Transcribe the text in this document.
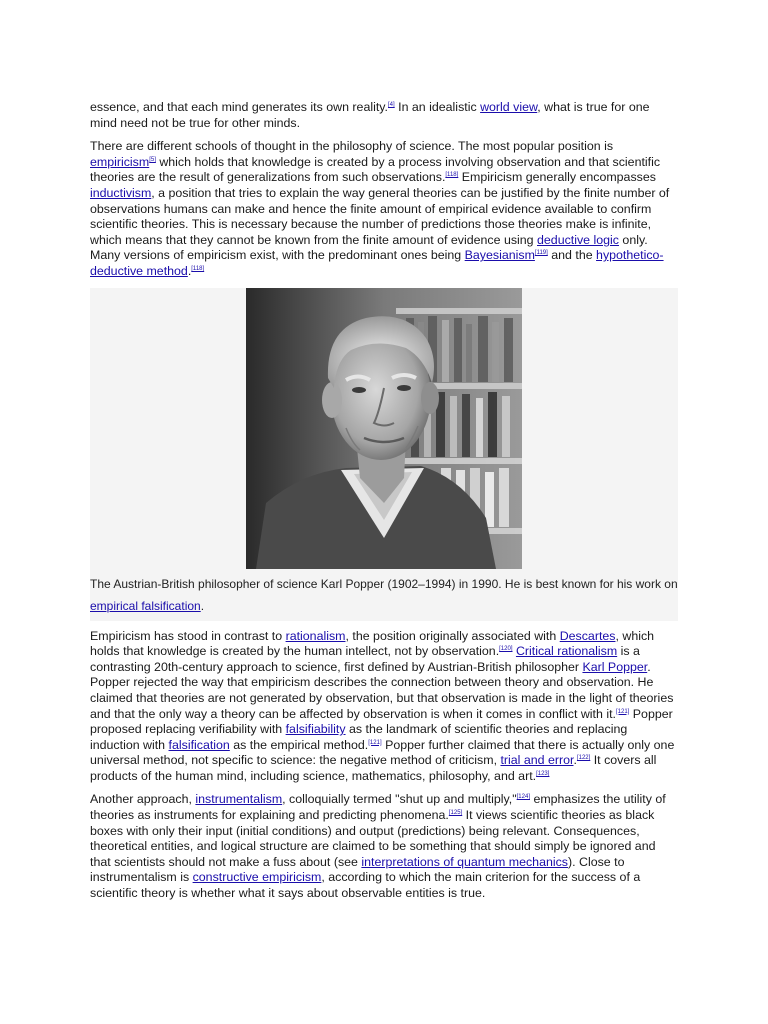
essence, and that each mind generates its own reality.[4] In an idealistic world view, what is true for one mind need not be true for other minds.

There are different schools of thought in the philosophy of science. The most popular position is empiricism[5] which holds that knowledge is created by a process involving observation and that scientific theories are the result of generalizations from such observations.[118] Empiricism generally encompasses inductivism, a position that tries to explain the way general theories can be justified by the finite number of observations humans can make and hence the finite amount of empirical evidence available to confirm scientific theories. This is necessary because the number of predictions those theories make is infinite, which means that they cannot be known from the finite amount of evidence using deductive logic only. Many versions of empiricism exist, with the predominant ones being Bayesianism[119] and the hypothetico-deductive method.[118]

The Austrian-British philosopher of science Karl Popper (1902–1994) in 1990. He is best known for his work on empirical falsification.

Empiricism has stood in contrast to rationalism, the position originally associated with Descartes, which holds that knowledge is created by the human intellect, not by observation.[120] Critical rationalism is a contrasting 20th-century approach to science, first defined by Austrian-British philosopher Karl Popper. Popper rejected the way that empiricism describes the connection between theory and observation. He claimed that theories are not generated by observation, but that observation is made in the light of theories and that the only way a theory can be affected by observation is when it comes in conflict with it.[121] Popper proposed replacing verifiability with falsifiability as the landmark of scientific theories and replacing induction with falsification as the empirical method.[121] Popper further claimed that there is actually only one universal method, not specific to science: the negative method of criticism, trial and error.[122] It covers all products of the human mind, including science, mathematics, philosophy, and art.[123]

Another approach, instrumentalism, colloquially termed "shut up and multiply,"[124] emphasizes the utility of theories as instruments for explaining and predicting phenomena.[125] It views scientific theories as black boxes with only their input (initial conditions) and output (predictions) being relevant. Consequences, theoretical entities, and logical structure are claimed to be something that should simply be ignored and that scientists should not make a fuss about (see interpretations of quantum mechanics). Close to instrumentalism is constructive empiricism, according to which the main criterion for the success of a scientific theory is whether what it says about observable entities is true.
